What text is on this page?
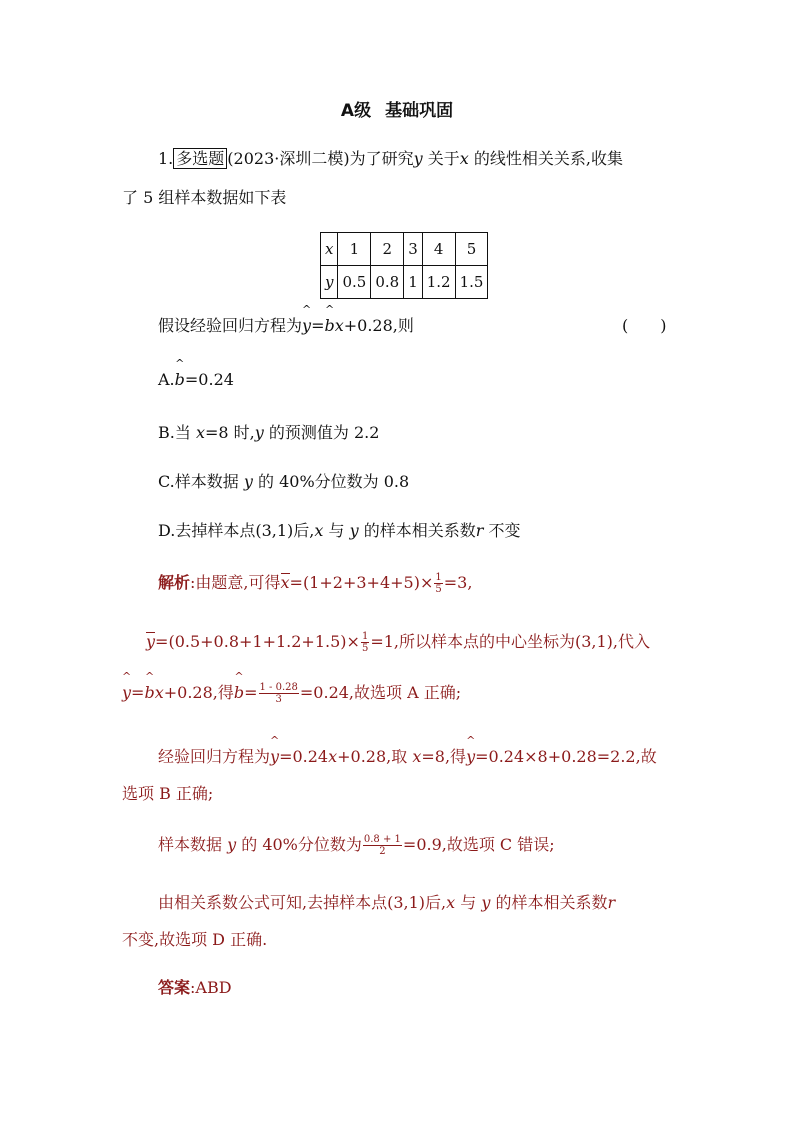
A级 基础巩固
1. 多选题 (2023·深圳二模)为了研究y 关于x 的线性相关关系,收集
了 5 组样本数据如下表
x	1	2	3	4	5
y	0.5	0.8	1	1.2	1.5
假设经验回归方程为^ y=^ bx+0.28,则	(　　)
A.^ b=0.24
B.当 x=8 时,y 的预测值为 2.2
C.样本数据 y 的 40%分位数为 0.8
D.去掉样本点(3,1)后,x 与 y 的样本相关系数r 不变
解析:由题意,可得$x=(1+2+3+4+5)\times \frac{1}{5} =3$,
$y=(0.5+0.8+1+1.2+1.5)\times \frac{1}{5} =1$,所以样本点的中心坐标为(3,1),代入
^ y=^ bx+0.28,得^ $b= \frac{1 - 0.28}{3} =0.24$,故选项 A 正确;
经验回归方程为^ y=0.24x+0.28,取 x=8,得^ y=0.24×8+0.28=2.2,故
选项 B 正确;
样本数据 y 的 40%分位数为 $\frac{0.8 + 1}{2} =0.9$,故选项 C 错误;
由相关系数公式可知,去掉样本点(3,1)后,x 与 y 的样本相关系数r
不变,故选项 D 正确.
答案:ABD
